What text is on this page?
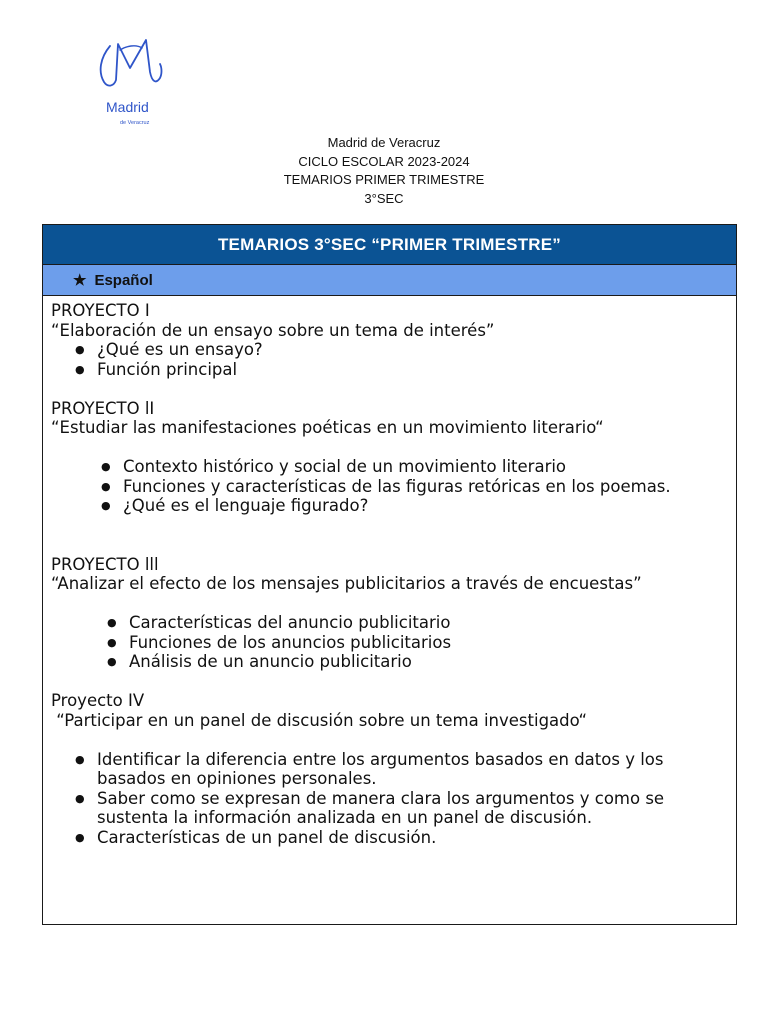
Madrid
de Veracruz
Madrid de Veracruz
CICLO ESCOLAR 2023-2024
TEMARIOS PRIMER TRIMESTRE
3°SEC
TEMARIOS 3°SEC “PRIMER TRIMESTRE”
★ Español

PROYECTO I

“Elaboración de un ensayo sobre un tema de interés”

● ¿Qué es un ensayo?
● Función principal

PROYECTO lI

“Estudiar las manifestaciones poéticas en un movimiento literario“

● Contexto histórico y social de un movimiento literario
● Funciones y características de las figuras retóricas en los poemas.
● ¿Qué es el lenguaje figurado?

PROYECTO lll

“Analizar el efecto de los mensajes publicitarios a través de encuestas”

● Características del anuncio publicitario
● Funciones de los anuncios publicitarios
● Análisis de un anuncio publicitario

Proyecto IV

“Participar en un panel de discusión sobre un tema investigado“

● Identificar la diferencia entre los argumentos basados en datos y los basados en opiniones personales.
● Saber como se expresan de manera clara los argumentos y como se sustenta la información analizada en un panel de discusión.
● Características de un panel de discusión.
